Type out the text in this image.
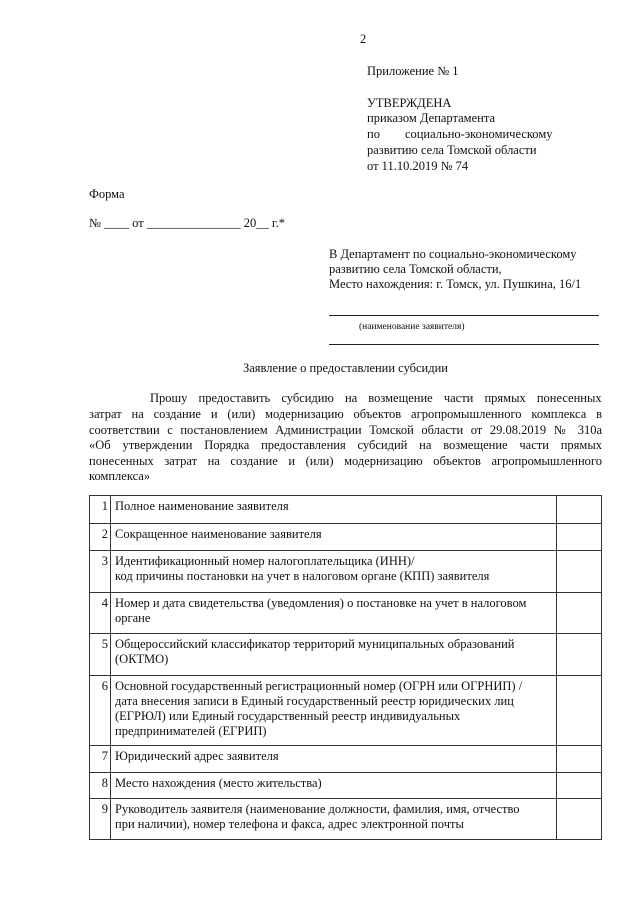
2
Приложение № 1
УТВЕРЖДЕНА
приказом Департамента
по        социально-экономическому
развитию села Томской области
от 11.10.2019 № 74
Форма
№ ____ от _______________ 20__ г.*
В Департамент по социально-экономическому
развитию села Томской области,
Место нахождения: г. Томск, ул. Пушкина, 16/1
(наименование заявителя)
Заявление о предоставлении субсидии
Прошу предоставить субсидию на возмещение части прямых понесенных
затрат на создание и (или) модернизацию объектов агропромышленного комплекса в
соответствии с постановлением Администрации Томской области от 29.08.2019 № 310а
«Об утверждении Порядка предоставления субсидий на возмещение части прямых
понесенных затрат на создание и (или) модернизацию объектов агропромышленного
комплекса»
1	Полное наименование заявителя	

2	Сокращенное наименование заявителя	

3	Идентификационный номер налогоплательщика (ИНН)/
код причины постановки на учет в налоговом органе (КПП) заявителя	

4	Номер и дата свидетельства (уведомления) о постановке на учет в налоговом
органе	

5	Общероссийский классификатор территорий муниципальных образований
(ОКТМО)	

6	Основной государственный регистрационный номер (ОГРН или ОГРНИП) /
дата внесения записи в Единый государственный реестр юридических лиц
(ЕГРЮЛ) или Единый государственный реестр индивидуальных
предпринимателей (ЕГРИП)	

7	Юридический адрес заявителя	

8	Место нахождения (место жительства)	

9	Руководитель заявителя (наименование должности, фамилия, имя, отчество
при наличии), номер телефона и факса, адрес электронной почты	
